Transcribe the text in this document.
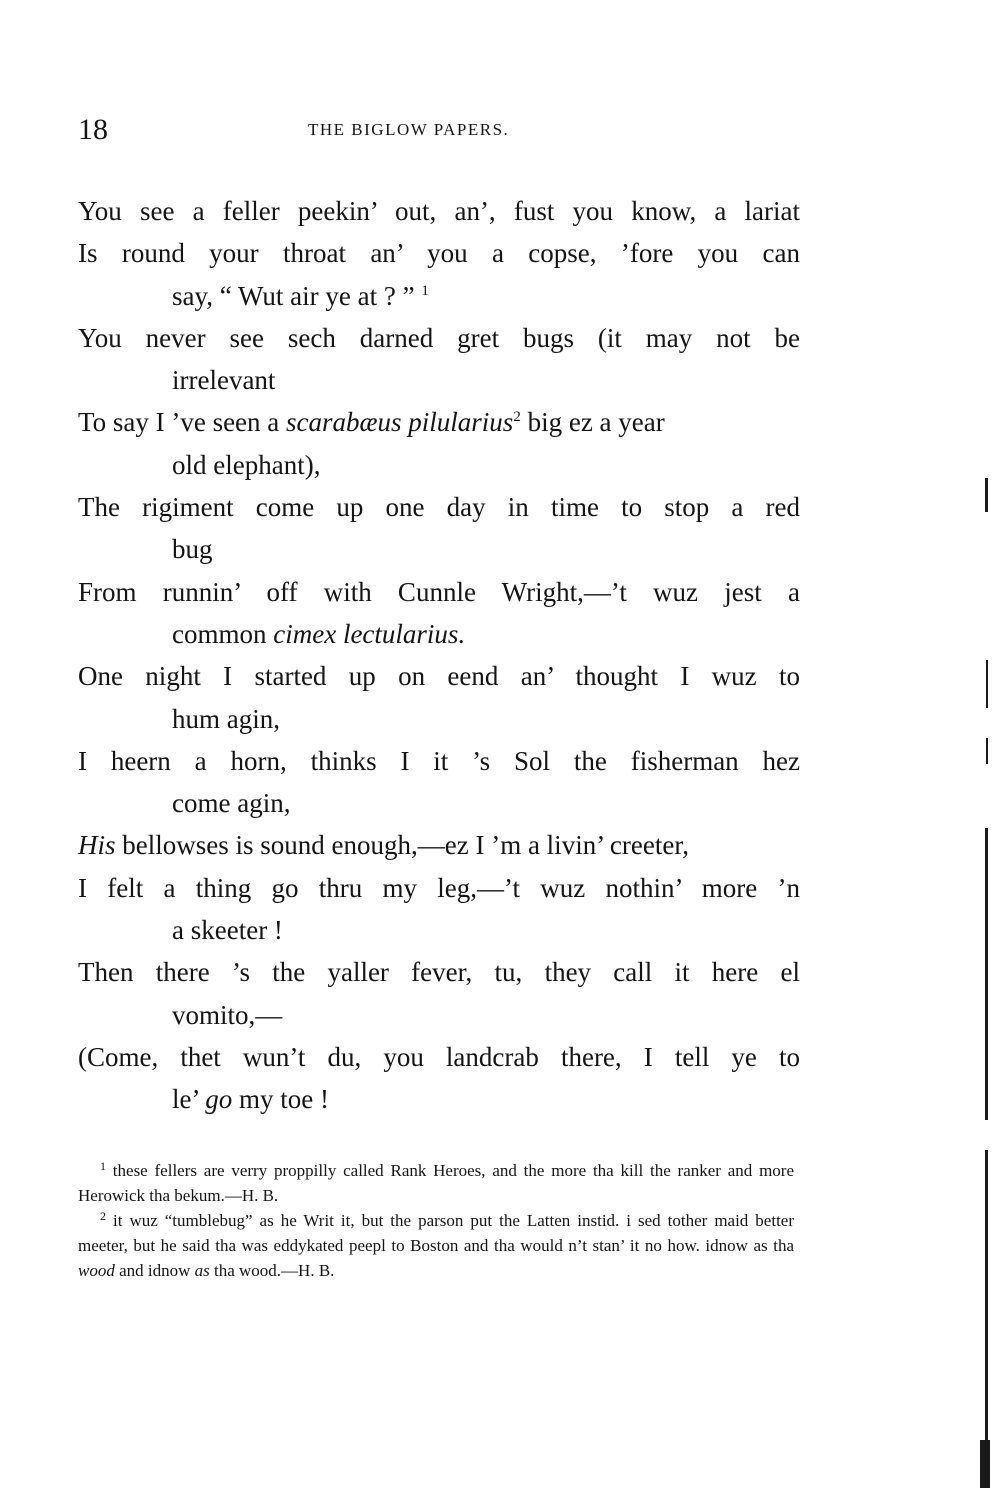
18	THE BIGLOW PAPERS.
You see a feller peekin’ out, an’, fust you know, a lariat
Is round your throat an’ you a copse, ’fore you can
say, “ Wut air ye at ? ” $^1$
You never see sech darned gret bugs (it may not be
irrelevant
To say I ’ve seen a scarabæus pilularius$^2$ big ez a year
old elephant),
The rigiment come up one day in time to stop a red
bug
From runnin’ off with Cunnle Wright,—’t wuz jest a
common cimex lectularius.
One night I started up on eend an’ thought I wuz to
hum agin,
I heern a horn, thinks I it ’s Sol the fisherman hez
come agin,
His bellowses is sound enough,—ez I ’m a livin’ creeter,
I felt a thing go thru my leg,—’t wuz nothin’ more ’n
a skeeter !
Then there ’s the yaller fever, tu, they call it here el
vomito,—
(Come, thet wun’t du, you landcrab there, I tell ye to
le’ go my toe !

$^1$ these fellers are verry proppilly called Rank Heroes, and the more tha kill the ranker and more Herowick tha bekum.—H. B.

$^2$ it wuz “tumblebug” as he Writ it, but the parson put the Latten instid. i sed tother maid better meeter, but he said tha was eddykated peepl to Boston and tha would n’t stan’ it no how. idnow as tha wood and idnow as tha wood.—H. B.
